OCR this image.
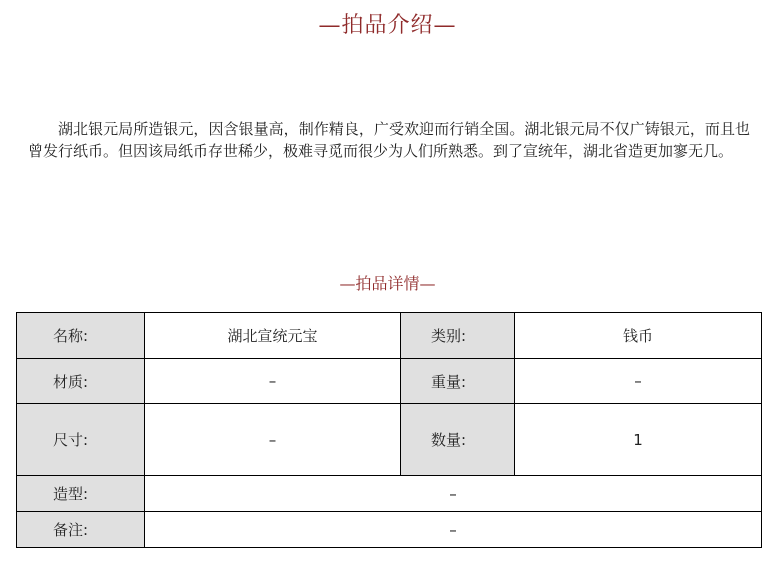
—拍品介绍—

湖北银元局所造银元，因含银量高，制作精良，广受欢迎而行销全国。湖北银元局不仅广铸银元，而且也曾发行纸币。但因该局纸币存世稀少，极难寻觅而很少为人们所熟悉。到了宣统年，湖北省造更加寥无几。

—拍品详情—
名称:	湖北宣统元宝	类别:	钱币
材质:	–	重量:	–
尺寸:	–	数量:	1
造型:	–		
备注:	–		
